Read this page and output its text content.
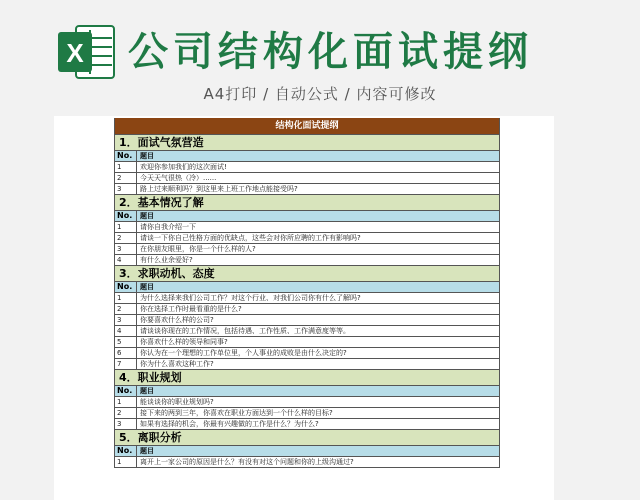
X 公司结构化面试提纲
A4打印 / 自动公式 / 内容可修改
结构化面试提纲
1．面试气氛营造
No.	题目
1	欢迎你参加我们的这次面试!
2	今天天气很热（冷）......
3	路上过来顺利吗？到这里来上班工作地点能接受吗?
2．基本情况了解
No.	题目
1	请你自我介绍一下
2	请谈一下你自己性格方面的优缺点，这些会对你所应聘的工作有影响吗?
3	在你朋友眼里，你是一个什么样的人?
4	有什么业余爱好?
3．求职动机、态度
No.	题目
1	为什么选择来我们公司工作？对这个行业、对我们公司你有什么了解吗?
2	你在选择工作时最看重的是什么?
3	你要喜欢什么样的公司?
4	请谈谈你现在的工作情况，包括待遇、工作性质、工作满意度等等。
5	你喜欢什么样的领导和同事?
6	你认为在一个理想的工作单位里，个人事业的成败是由什么决定的?
7	你为什么喜欢这种工作?
4．职业规划
No.	题目
1	能谈谈你的职业规划吗?
2	接下来的两到三年，你喜欢在职业方面达到一个什么样的目标?
3	如果有选择的机会，你最有兴趣做的工作是什么？为什么?
5．离职分析
No.	题目
1	离开上一家公司的原因是什么？有没有对这个问题和你的上级沟通过?
